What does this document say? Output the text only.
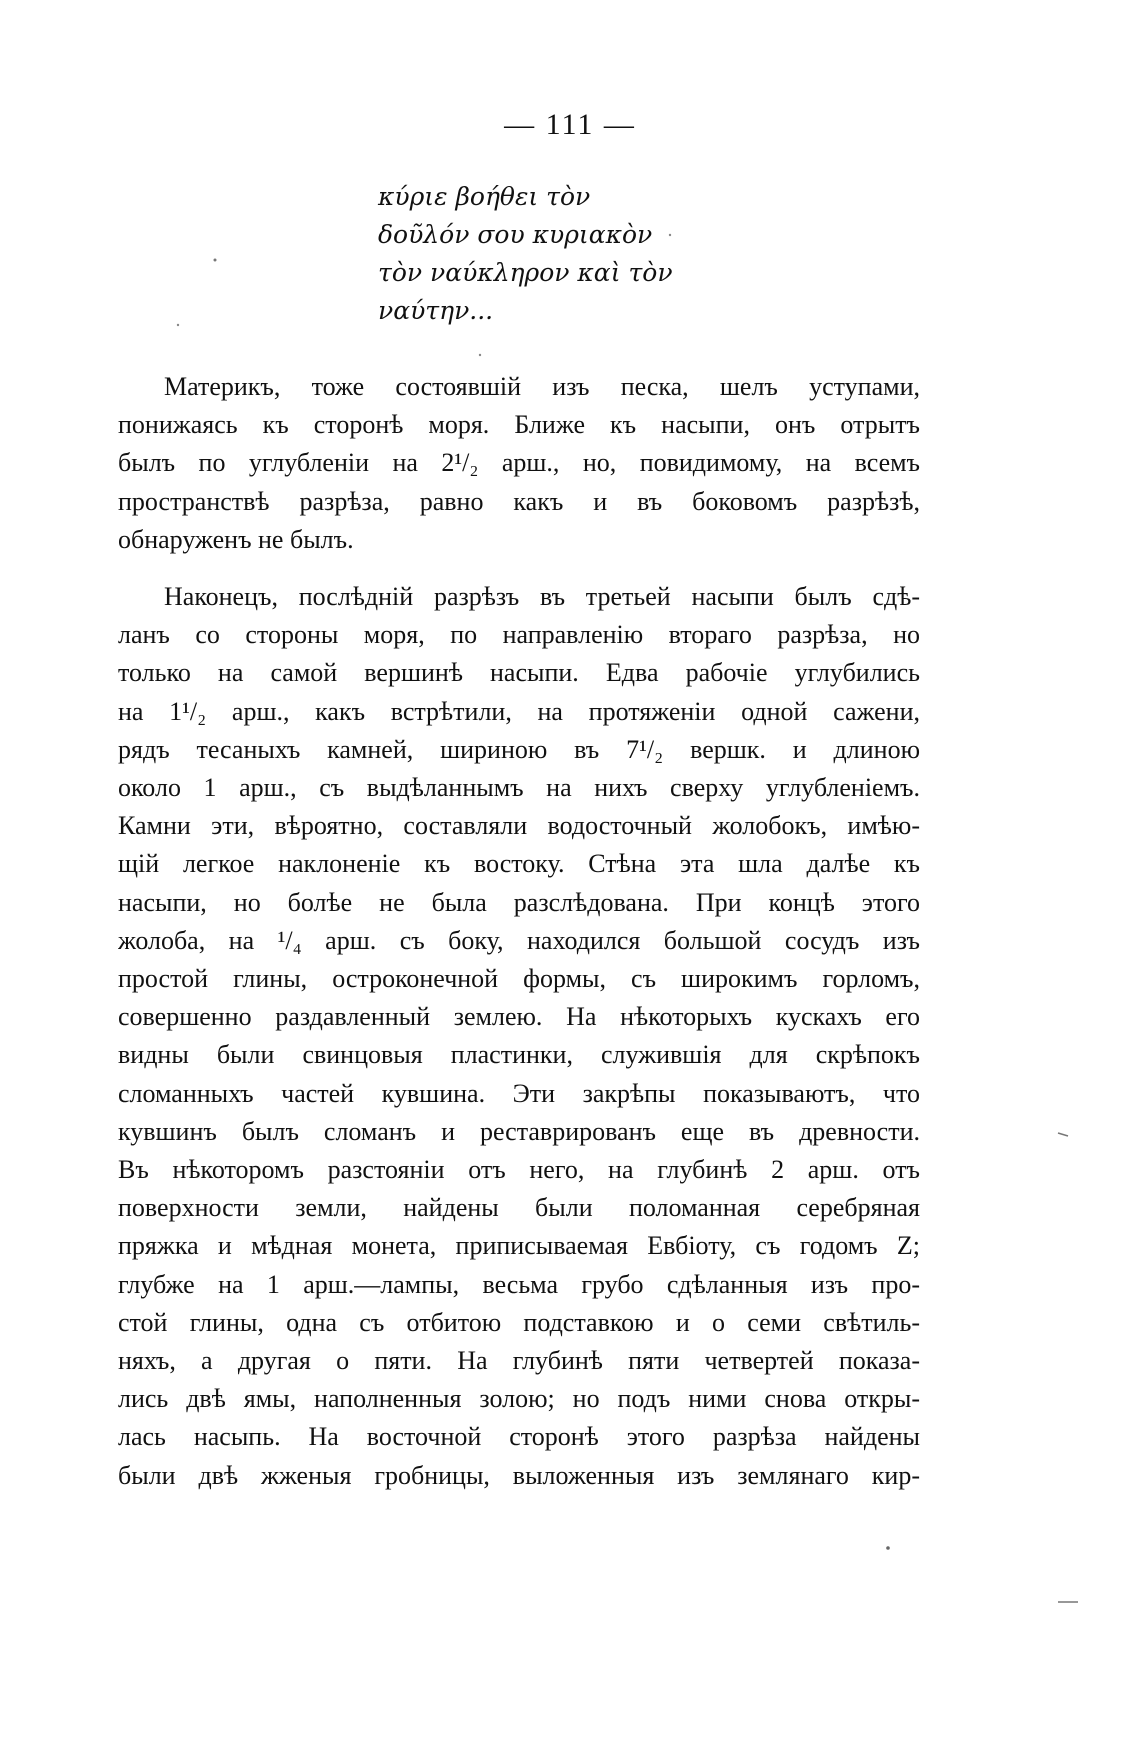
— 111 —
κύριε βοήθει τὸν
δοῦλόν σου κυριακὸν
τὸν ναύκληρον καὶ τὸν
ναύτην...
Материкъ, тоже состоявшій изъ песка, шелъ уступами,
понижаясь къ сторонѣ моря. Ближе къ насыпи, онъ отрытъ
былъ по углубленіи на 2¹/₂ арш., но, повидимому, на всемъ
пространствѣ разрѣза, равно какъ и въ боковомъ разрѣзѣ,
обнаруженъ не былъ.
Наконецъ, послѣдній разрѣзъ въ третьей насыпи былъ сдѣ-
ланъ со стороны моря, по направленію втораго разрѣза, но
только на самой вершинѣ насыпи. Едва рабочіе углубились
на 1¹/₂ арш., какъ встрѣтили, на протяженіи одной сажени,
рядъ тесаныхъ камней, шириною въ 7¹/₂ вершк. и длиною
около 1 арш., съ выдѣланнымъ на нихъ сверху углубленіемъ.
Камни эти, вѣроятно, составляли водосточный жолобокъ, имѣю-
щій легкое наклоненіе къ востоку. Стѣна эта шла далѣе къ
насыпи, но болѣе не была разслѣдована. При концѣ этого
жолоба, на ¹/₄ арш. съ боку, находился большой сосудъ изъ
простой глины, остроконечной формы, съ широкимъ горломъ,
совершенно раздавленный землею. На нѣкоторыхъ кускахъ его
видны были свинцовыя пластинки, служившія для скрѣпокъ
сломанныхъ частей кувшина. Эти закрѣпы показываютъ, что
кувшинъ былъ сломанъ и реставрированъ еще въ древности.
Въ нѣкоторомъ разстояніи отъ него, на глубинѣ 2 арш. отъ
поверхности земли, найдены были поломанная серебряная
пряжка и мѣдная монета, приписываемая Евбіоту, съ годомъ Z;
глубже на 1 арш.—лампы, весьма грубо сдѣланныя изъ про-
стой глины, одна съ отбитою подставкою и о семи свѣтиль-
няхъ, а другая о пяти. На глубинѣ пяти четвертей показа-
лись двѣ ямы, наполненныя золою; но подъ ними снова откры-
лась насыпь. На восточной сторонѣ этого разрѣза найдены
были двѣ жженыя гробницы, выложенныя изъ землянаго кир-
